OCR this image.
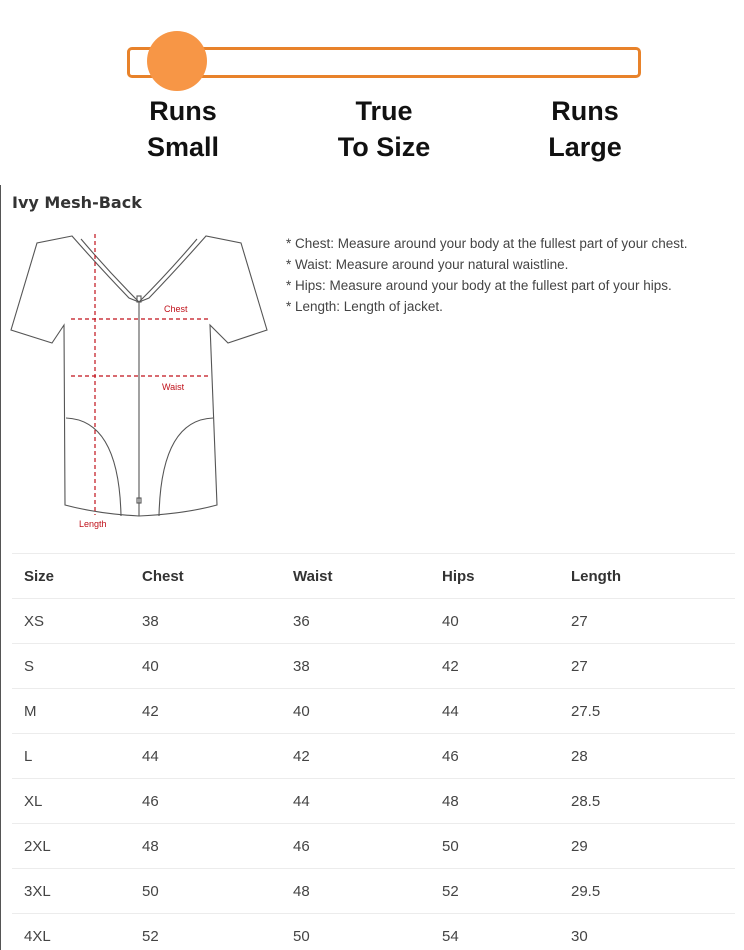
Runs
Small
True
To Size
Runs
Large
Ivy Mesh-Back
Chest
Waist
Length
* Chest: Measure around your body at the fullest part of your chest.
* Waist: Measure around your natural waistline.
* Hips: Measure around your body at the fullest part of your hips.
* Length: Length of jacket.
Size	Chest	Waist	Hips	Length
XS	38	36	40	27
S	40	38	42	27
M	42	40	44	27.5
L	44	42	46	28
XL	46	44	48	28.5
2XL	48	46	50	29
3XL	50	48	52	29.5
4XL	52	50	54	30
